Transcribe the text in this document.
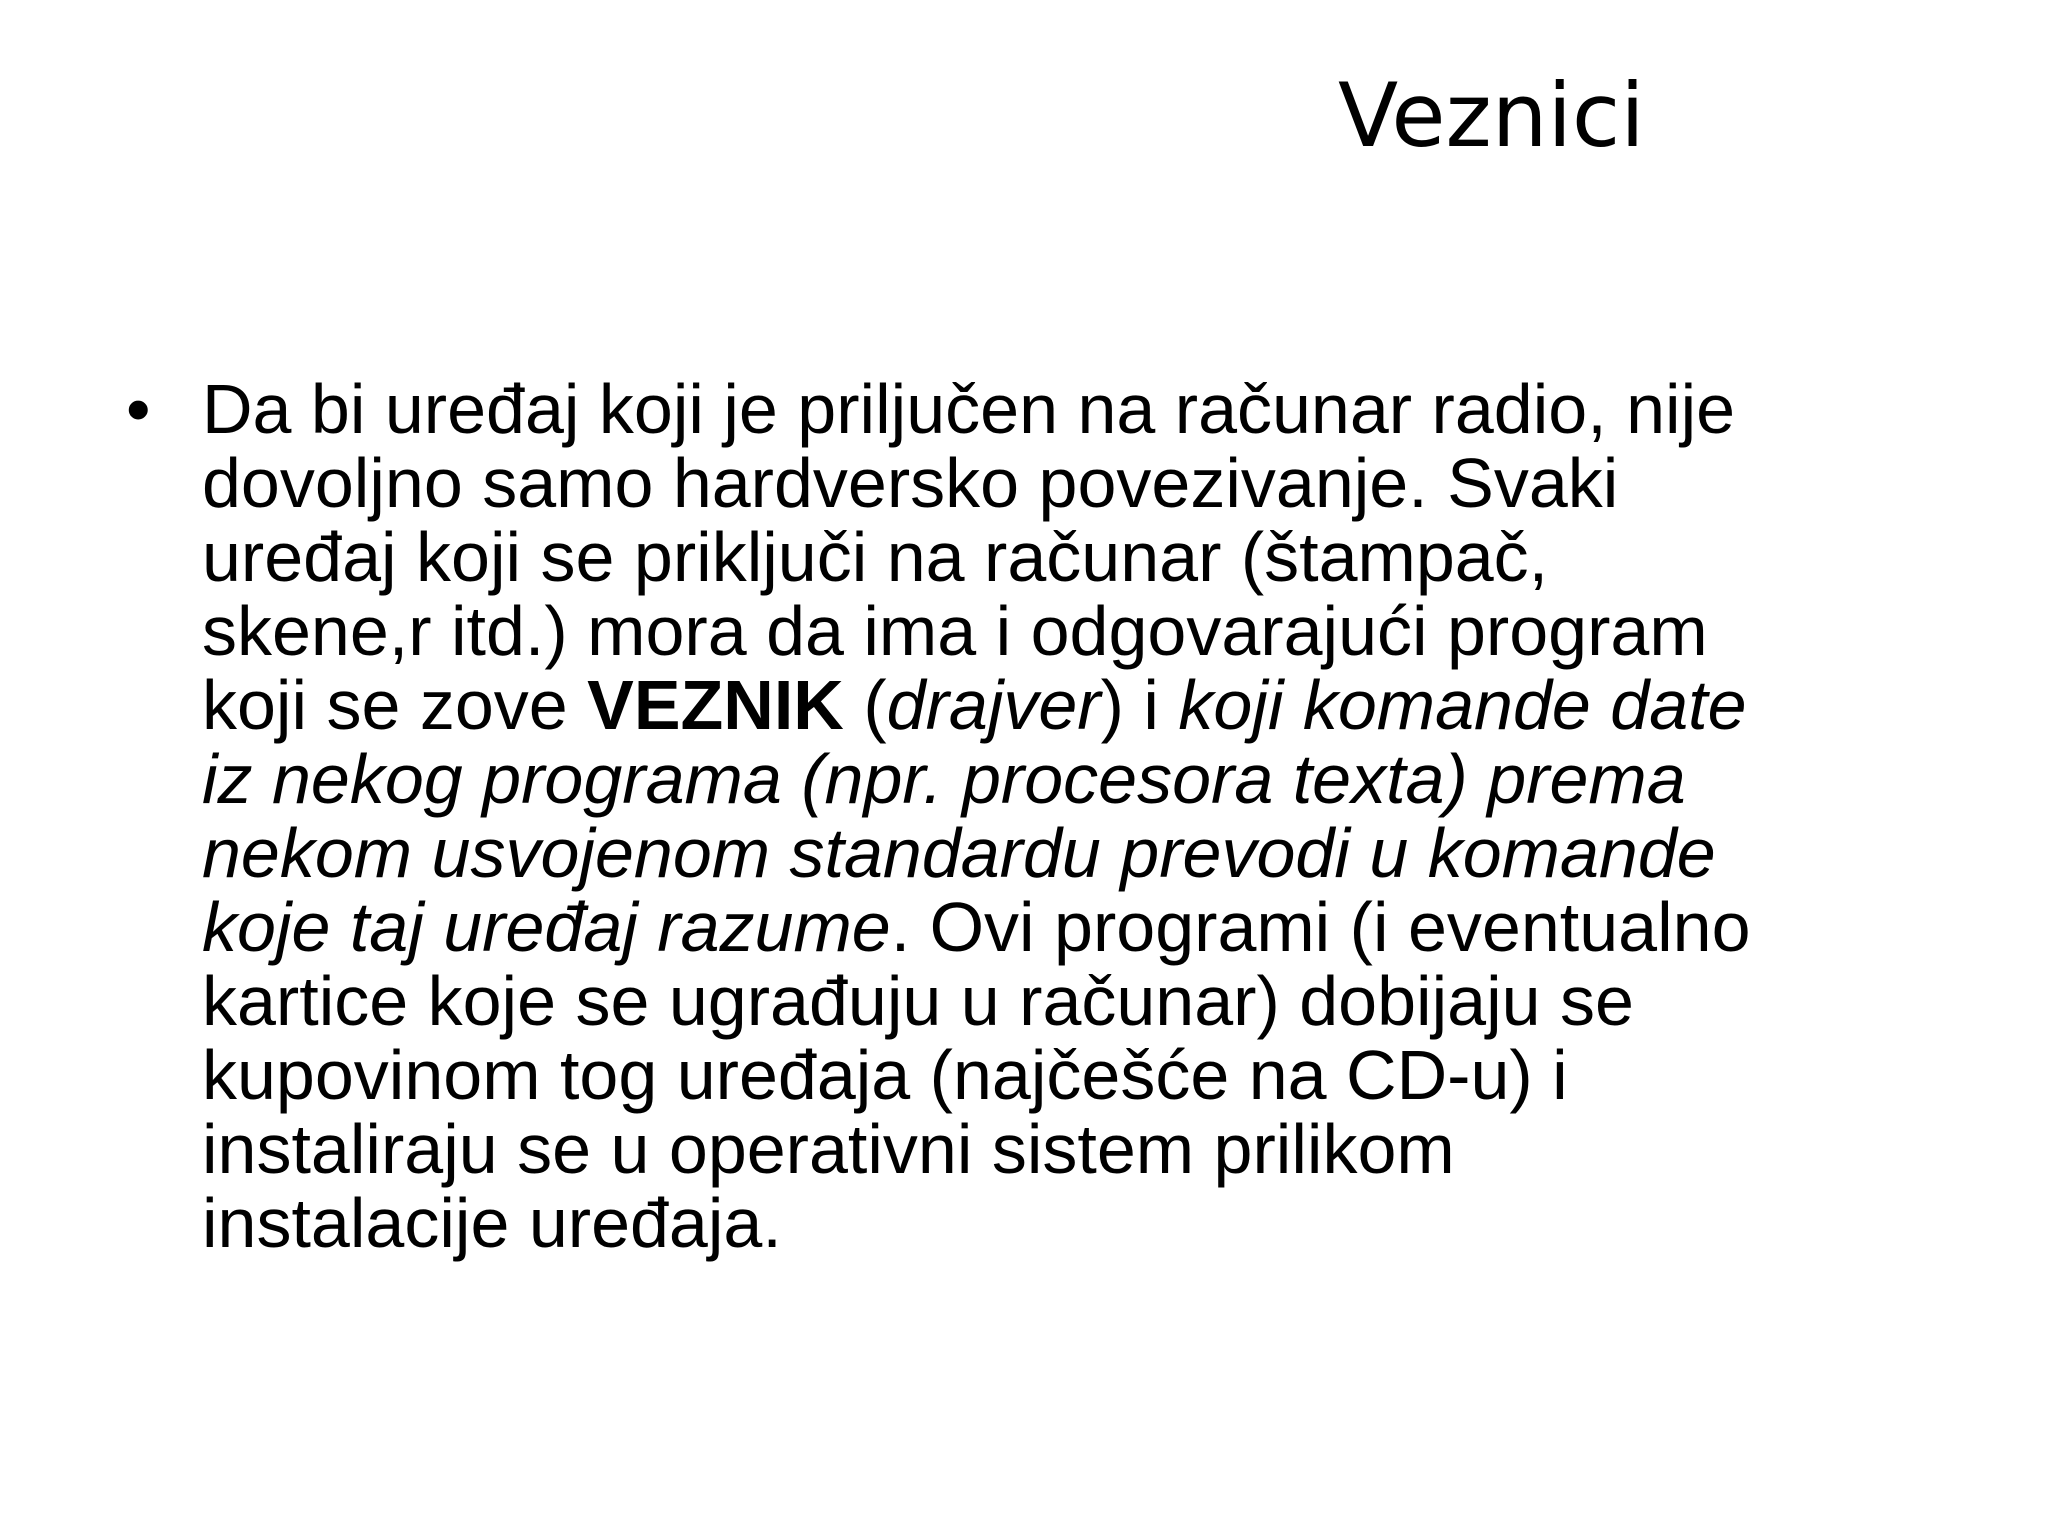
Veznici
• Da bi uređaj koji je priljučen na računar radio, nije
dovoljno samo hardversko povezivanje. Svaki
uređaj koji se priključi na računar (štampač,
skene,r itd.) mora da ima i odgovarajući program
koji se zove VEZNIK (drajver) i koji komande date
iz nekog programa (npr. procesora texta) prema
nekom usvojenom standardu prevodi u komande
koje taj uređaj razume. Ovi programi (i eventualno
kartice koje se ugrađuju u računar) dobijaju se
kupovinom tog uređaja (najčešće na CD-u) i
instaliraju se u operativni sistem prilikom
instalacije uređaja.
